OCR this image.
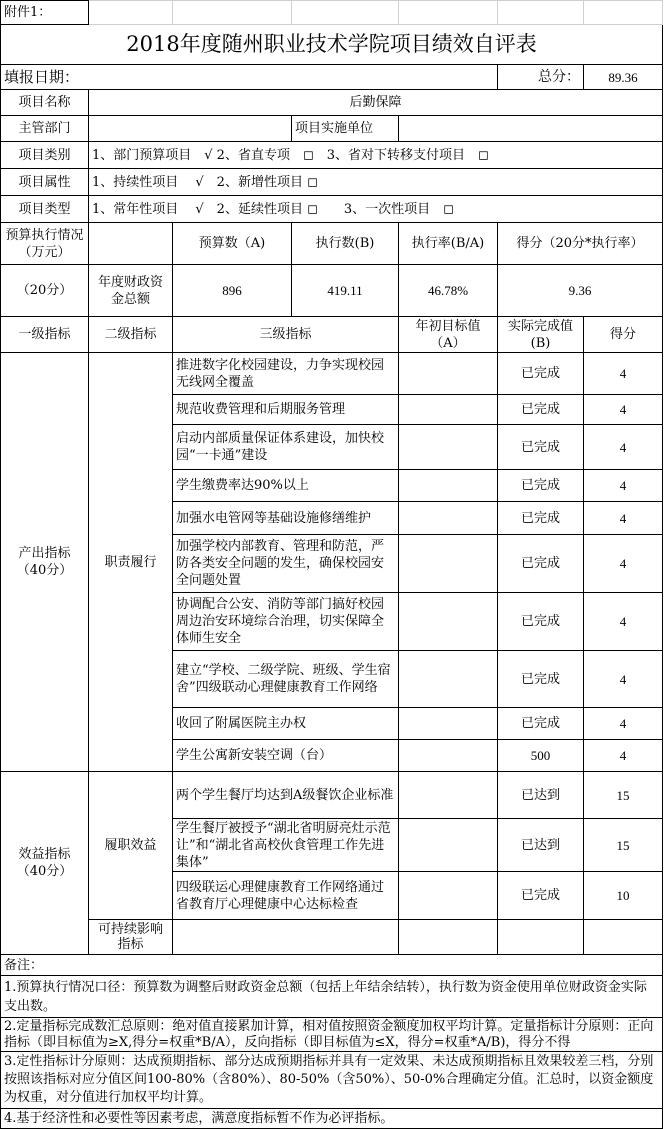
附件1：						
2018年度随州职业技术学院项目绩效自评表						
填报日期：					总分：	89.36
项目名称	后勤保障					
主管部门			项目实施单位			
项目类别	1、部门预算项目　√ 2、省直专项　◻　3、省对下转移支付项目　◻					
项目属性	1、持续性项目　 √　2、新增性项目 ◻					
项目类型	1、常年性项目　 √　2、延续性项目 ◻　　3、一次性项目　◻					
预算执行情况（万元）		预算数（A)	执行数(B)	执行率(B/A)	得分（20分*执行率）	
（20分）	年度财政资金总额	896	419.11	46.78%	9.36	
一级指标	二级指标	三级指标		年初目标值（A）	实际完成值(B)	得分
产出指标（40分）	职责履行	推进数字化校园建设，力争实现校园无线网全覆盖			已完成	4
		规范收费管理和后期服务管理			已完成	4
		启动内部质量保证体系建设，加快校园“一卡通”建设			已完成	4
		学生缴费率达90%以上			已完成	4
		加强水电管网等基础设施修缮维护			已完成	4
		加强学校内部教育、管理和防范，严防各类安全问题的发生，确保校园安全问题处置			已完成	4
		协调配合公安、消防等部门搞好校园周边治安环境综合治理，切实保障全体师生安全			已完成	4
		建立“学校、二级学院、班级、学生宿舍”四级联动心理健康教育工作网络			已完成	4
		收回了附属医院主办权			已完成	4
		学生公寓新安装空调（台）			500	4
效益指标（40分）	履职效益	两个学生餐厅均达到A级餐饮企业标准			已达到	15
		学生餐厅被授予“湖北省明厨亮灶示范让”和“湖北省高校伙食管理工作先进集体”			已达到	15
		四级联运心理健康教育工作网络通过省教育厅心理健康中心达标检查			已完成	10
	可持续影响指标					
备注：						
1.预算执行情况口径：预算数为调整后财政资金总额（包括上年结余结转），执行数为资金使用单位财政资金实际支出数。						
2.定量指标完成数汇总原则：绝对值直接累加计算，相对值按照资金额度加权平均计算。定量指标计分原则：正向指标（即目标值为≥X,得分=权重*B/A），反向指标（即目标值为≤X，得分=权重*A/B)，得分不得						
3.定性指标计分原则：达成预期指标、部分达成预期指标并具有一定效果、未达成预期指标且效果较差三档，分别按照该指标对应分值区间100-80%（含80%）、80-50%（含50%）、50-0%合理确定分值。汇总时，以资金额度为权重，对分值进行加权平均计算。						
4.基于经济性和必要性等因素考虑，满意度指标暂不作为必评指标。						
